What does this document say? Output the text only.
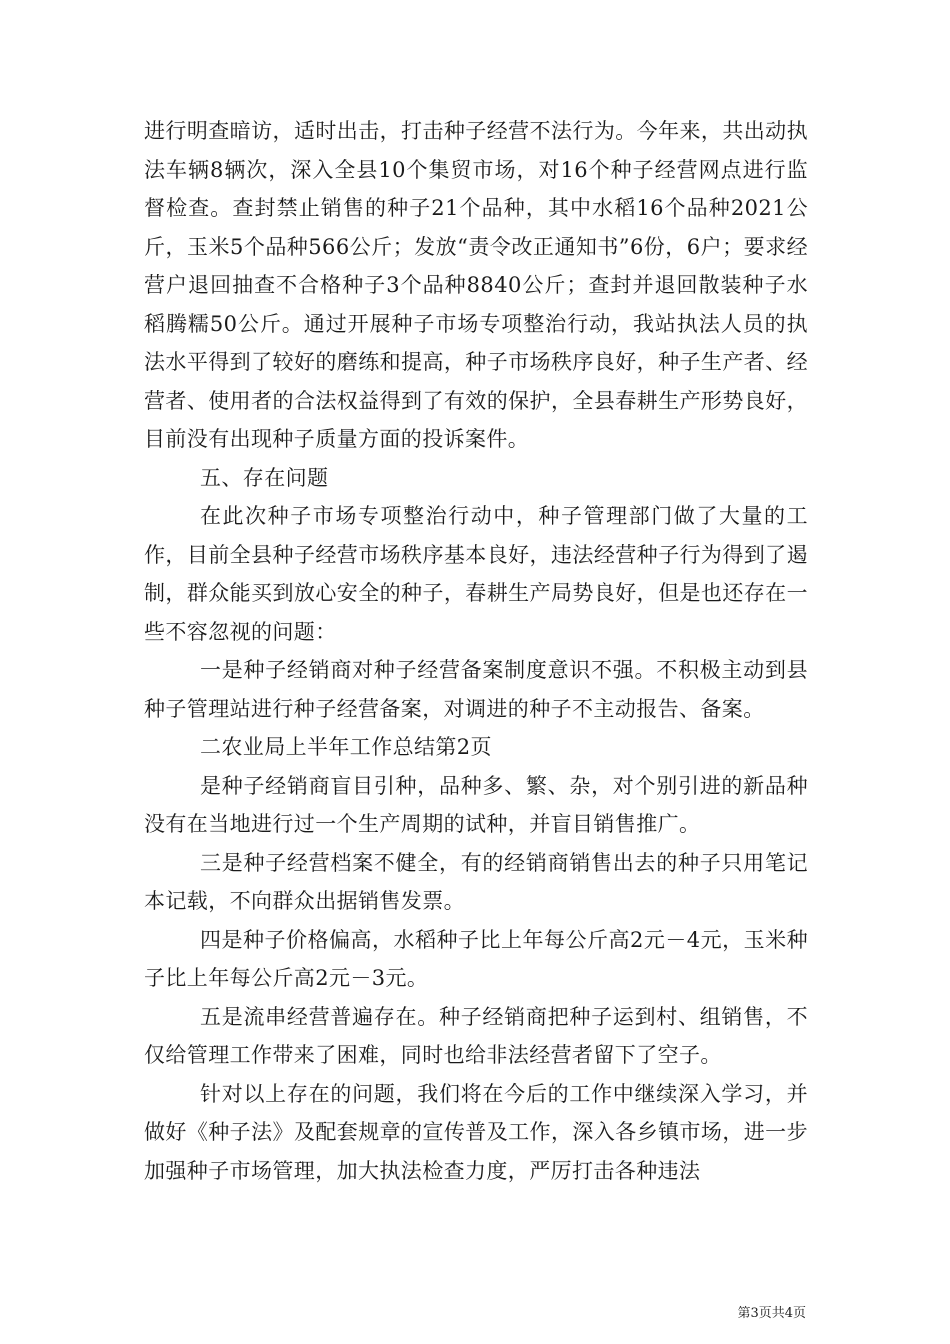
进行明查暗访，适时出击，打击种子经营不法行为。今年来，共出动执法车辆8辆次，深入全县10个集贸市场，对16个种子经营网点进行监督检查。查封禁止销售的种子21个品种，其中水稻16个品种2021公斤，玉米5个品种566公斤；发放“责令改正通知书”6份，6户；要求经营户退回抽查不合格种子3个品种8840公斤；查封并退回散装种子水稻腾糯50公斤。通过开展种子市场专项整治行动，我站执法人员的执法水平得到了较好的磨练和提高，种子市场秩序良好，种子生产者、经营者、使用者的合法权益得到了有效的保护，全县春耕生产形势良好，目前没有出现种子质量方面的投诉案件。

五、存在问题

在此次种子市场专项整治行动中，种子管理部门做了大量的工作，目前全县种子经营市场秩序基本良好，违法经营种子行为得到了遏制，群众能买到放心安全的种子，春耕生产局势良好，但是也还存在一些不容忽视的问题：

一是种子经销商对种子经营备案制度意识不强。不积极主动到县种子管理站进行种子经营备案，对调进的种子不主动报告、备案。

二农业局上半年工作总结第2页

是种子经销商盲目引种，品种多、繁、杂，对个别引进的新品种没有在当地进行过一个生产周期的试种，并盲目销售推广。

三是种子经营档案不健全，有的经销商销售出去的种子只用笔记本记载，不向群众出据销售发票。

四是种子价格偏高，水稻种子比上年每公斤高2元－4元，玉米种子比上年每公斤高2元－3元。

五是流串经营普遍存在。种子经销商把种子运到村、组销售，不仅给管理工作带来了困难，同时也给非法经营者留下了空子。

针对以上存在的问题，我们将在今后的工作中继续深入学习，并做好《种子法》及配套规章的宣传普及工作，深入各乡镇市场，进一步加强种子市场管理，加大执法检查力度，严厉打击各种违法

第3页共4页
